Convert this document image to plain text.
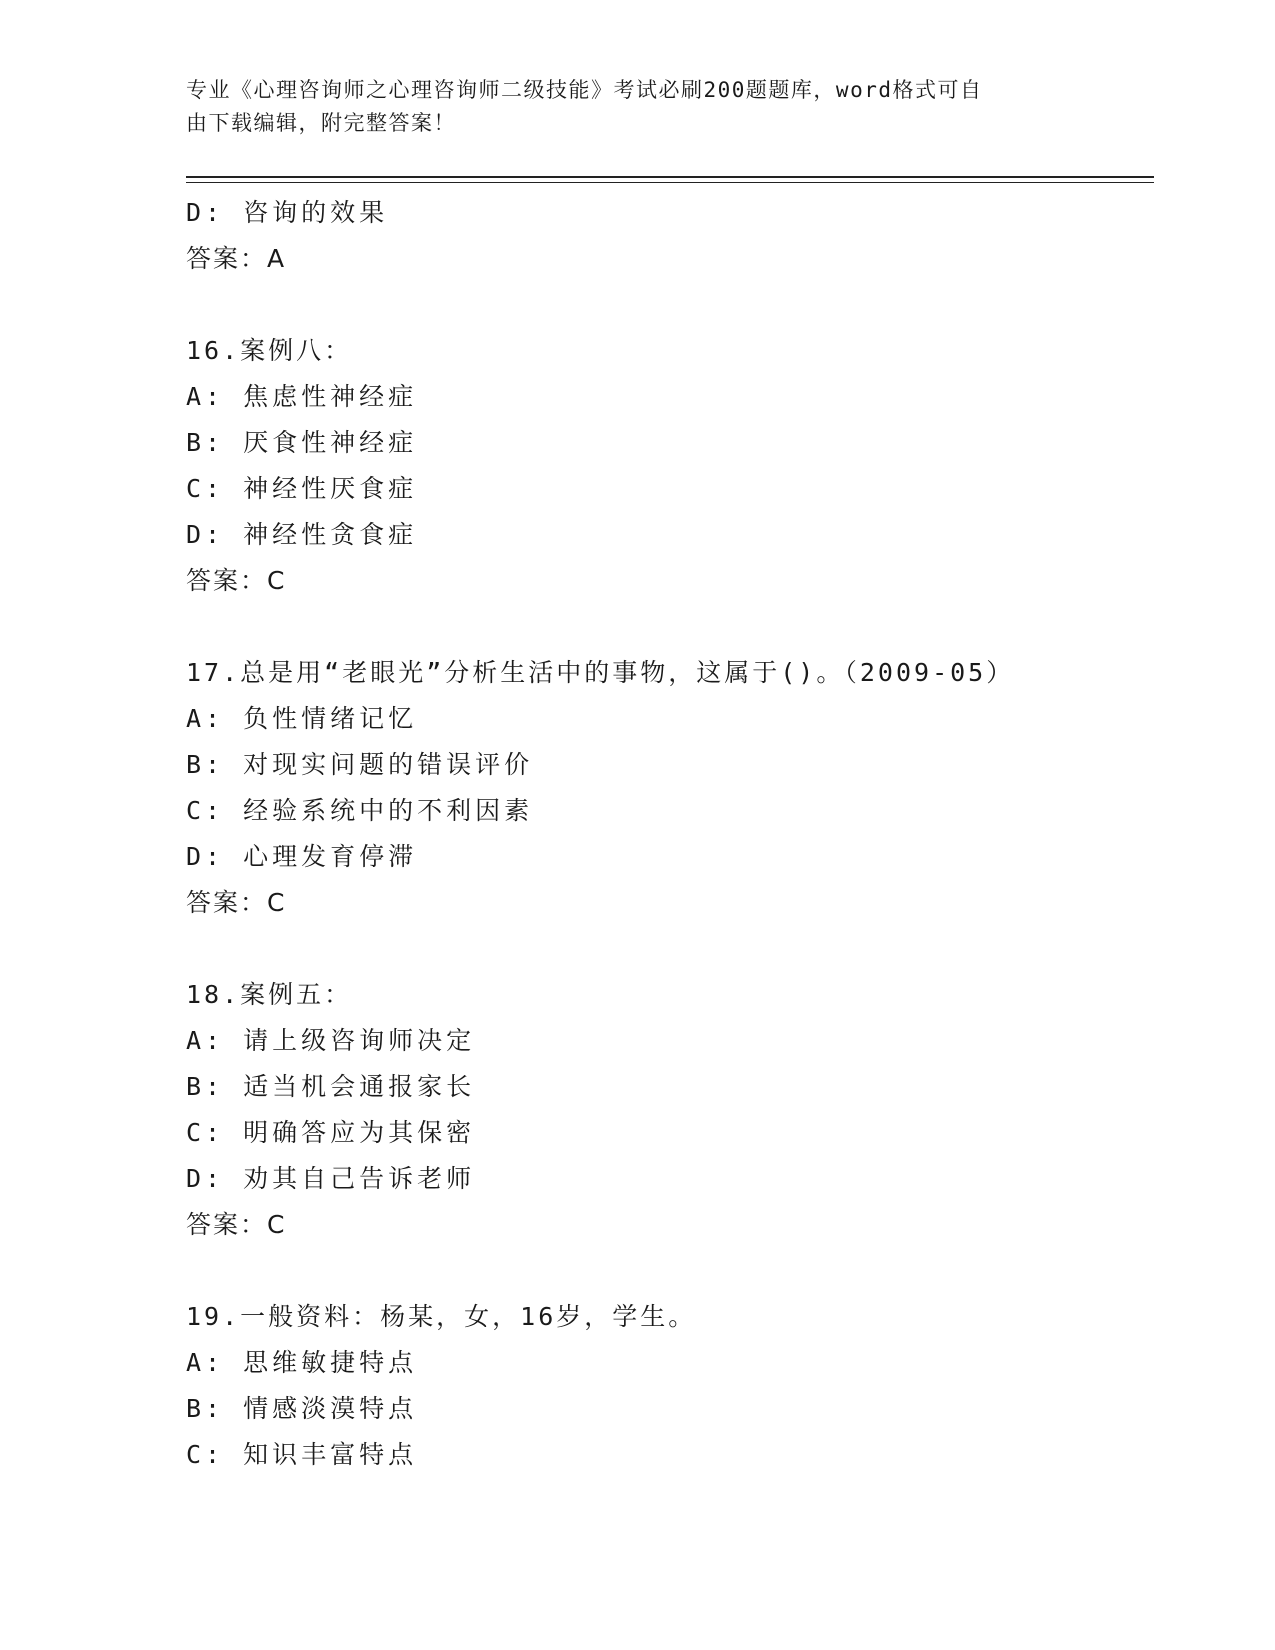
专业《心理咨询师之心理咨询师二级技能》考试必刷200题题库，word格式可自
由下载编辑，附完整答案！
D: 咨询的效果
答案：A
16.案例八：
A: 焦虑性神经症
B: 厌食性神经症
C: 神经性厌食症
D: 神经性贪食症
答案：C
17.总是用“老眼光”分析生活中的事物，这属于()。（2009-05）
A: 负性情绪记忆
B: 对现实问题的错误评价
C: 经验系统中的不利因素
D: 心理发育停滞
答案：C
18.案例五：
A: 请上级咨询师决定
B: 适当机会通报家长
C: 明确答应为其保密
D: 劝其自己告诉老师
答案：C
19.一般资料：杨某，女，16岁，学生。
A: 思维敏捷特点
B: 情感淡漠特点
C: 知识丰富特点
